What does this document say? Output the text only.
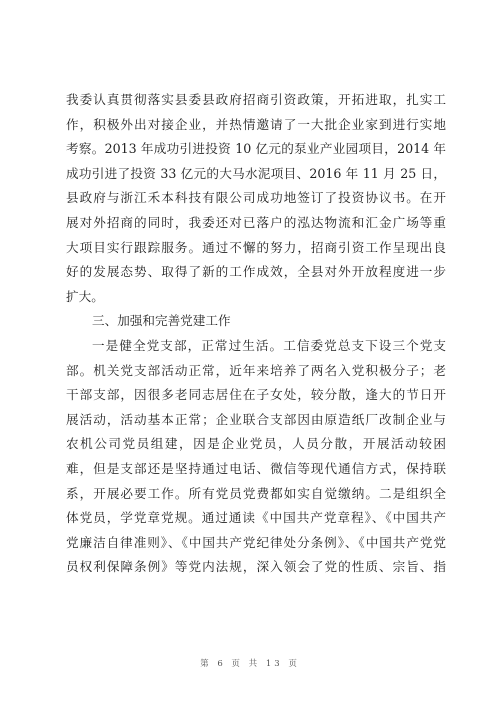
我委认真贯彻落实县委县政府招商引资政策，开拓进取，扎实工
作，积极外出对接企业，并热情邀请了一大批企业家到进行实地
考察。2013 年成功引进投资 10 亿元的泵业产业园项目，2014 年
成功引进了投资 33 亿元的大马水泥项目、2016 年 11 月 25 日，
县政府与浙江禾本科技有限公司成功地签订了投资协议书。在开
展对外招商的同时，我委还对已落户的泓达物流和汇金广场等重
大项目实行跟踪服务。通过不懈的努力，招商引资工作呈现出良
好的发展态势、取得了新的工作成效，全县对外开放程度进一步
扩大。

三、加强和完善党建工作

一是健全党支部，正常过生活。工信委党总支下设三个党支
部。机关党支部活动正常，近年来培养了两名入党积极分子；老
干部支部，因很多老同志居住在子女处，较分散，逢大的节日开
展活动，活动基本正常；企业联合支部因由原造纸厂改制企业与
农机公司党员组建，因是企业党员，人员分散，开展活动较困
难，但是支部还是坚持通过电话、微信等现代通信方式，保持联
系，开展必要工作。所有党员党费都如实自觉缴纳。二是组织全
体党员，学党章党规。通过通读《中国共产党章程》、《中国共产
党廉洁自律准则》、《中国共产党纪律处分条例》、《中国共产党党
员权利保障条例》等党内法规，深入领会了党的性质、宗旨、指

第 6 页 共 13 页
